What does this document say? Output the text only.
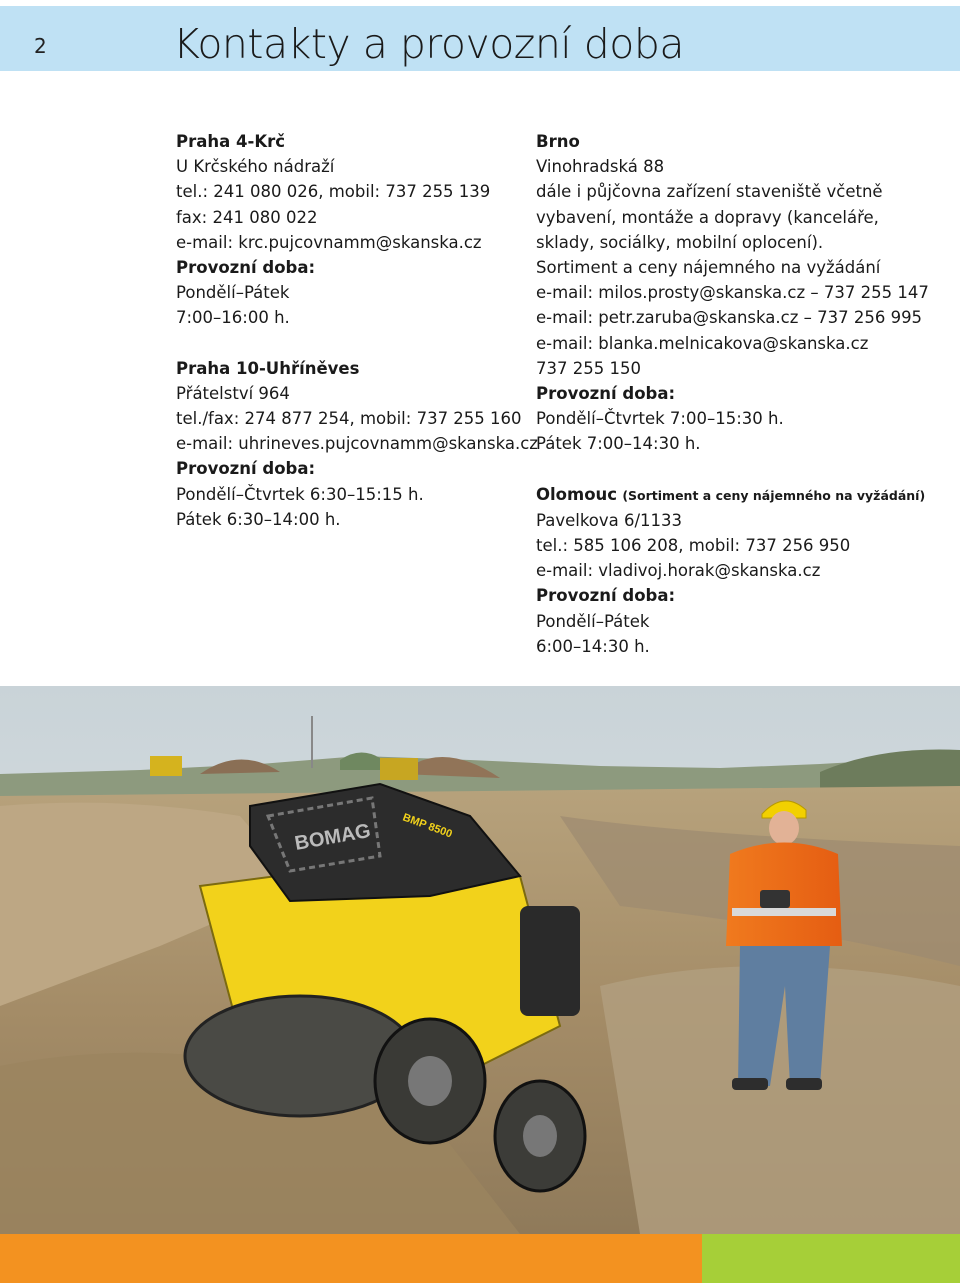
2	Kontakty a provozní doba
Praha 4-Krč
U Krčského nádraží
tel.: 241 080 026, mobil: 737 255 139
fax: 241 080 022
e-mail: krc.pujcovnamm@skanska.cz
Provozní doba:
Pondělí–Pátek
7:00–16:00 h.
Praha 10-Uhříněves
Přátelství 964
tel./fax: 274 877 254, mobil: 737 255 160
e-mail: uhrineves.pujcovnamm@skanska.cz
Provozní doba:
Pondělí–Čtvrtek 6:30–15:15 h.
Pátek 6:30–14:00 h.
Brno
Vinohradská 88
dále i půjčovna zařízení staveniště včetně
vybavení, montáže a dopravy (kanceláře,
sklady, sociálky, mobilní oplocení).
Sortiment a ceny nájemného na vyžádání
e-mail: milos.prosty@skanska.cz – 737 255 147
e-mail: petr.zaruba@skanska.cz – 737 256 995
e-mail: blanka.melnicakova@skanska.cz
737 255 150
Provozní doba:
Pondělí–Čtvrtek 7:00–15:30 h.
Pátek 7:00–14:30 h.
Olomouc (Sortiment a ceny nájemného na vyžádání)
Pavelkova 6/1133
tel.: 585 106 208, mobil: 737 256 950
e-mail: vladivoj.horak@skanska.cz
Provozní doba:
Pondělí–Pátek
6:00–14:30 h.
BOMAG	BMP 8500
